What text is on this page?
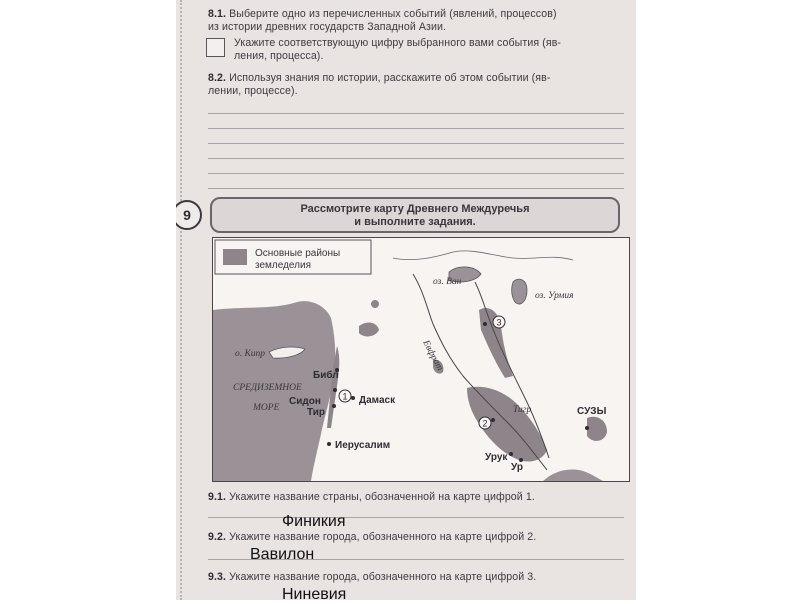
8.1. Выберите одно из перечисленных событий (явлений, процессов)
из истории древних государств Западной Азии.
Укажите соответствующую цифру выбранного вами события (яв-
ления, процесса).
8.2. Используя знания по истории, расскажите об этом событии (яв-
лении, процессе).
9	Рассмотрите карту Древнего Междуречья
и выполните задания.
Основные районы
земледелия
1
2
3
оз. Ван
оз. Урмия
о. Кипр	Евфрат
СРЕДИЗЕМНОЕ
МОРЕ
Библ
Сидон
Тир
Дамаск
Иерусалим
Тигр	СУЗЫ
Урук
Ур
9.1. Укажите название страны, обозначенной на карте цифрой 1.
9.2. Укажите название города, обозначенного на карте цифрой 2.
9.3. Укажите название города, обозначенного на карте цифрой 3.
Финикия
Вавилон
Ниневия
